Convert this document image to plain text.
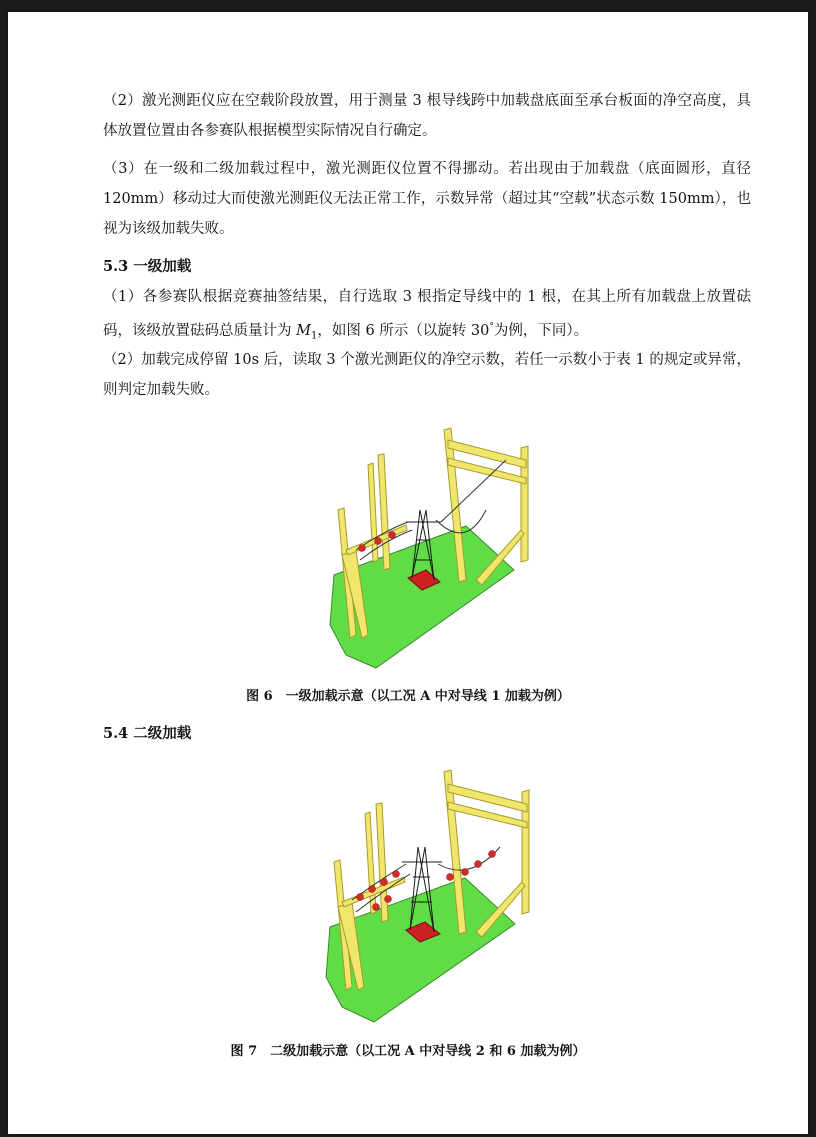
（2）激光测距仪应在空载阶段放置，用于测量 3 根导线跨中加载盘底面至承台板面的净空高度，具体放置位置由各参赛队根据模型实际情况自行确定。

（3）在一级和二级加载过程中，激光测距仪位置不得挪动。若出现由于加载盘（底面圆形，直径 120mm）移动过大而使激光测距仪无法正常工作，示数异常（超过其“空载”状态示数 150mm），也视为该级加载失败。

5.3 一级加载

（1）各参赛队根据竞赛抽签结果，自行选取 3 根指定导线中的 1 根，在其上所有加载盘上放置砝码，该级放置砝码总质量计为 $M_1$，如图 6 所示（以旋转 30°为例，下同）。

（2）加载完成停留 10s 后，读取 3 个激光测距仪的净空示数，若任一示数小于表 1 的规定或异常，则判定加载失败。

图 6　一级加载示意（以工况 A 中对导线 1 加载为例）

5.4 二级加载

图 7　二级加载示意（以工况 A 中对导线 2 和 6 加载为例）
